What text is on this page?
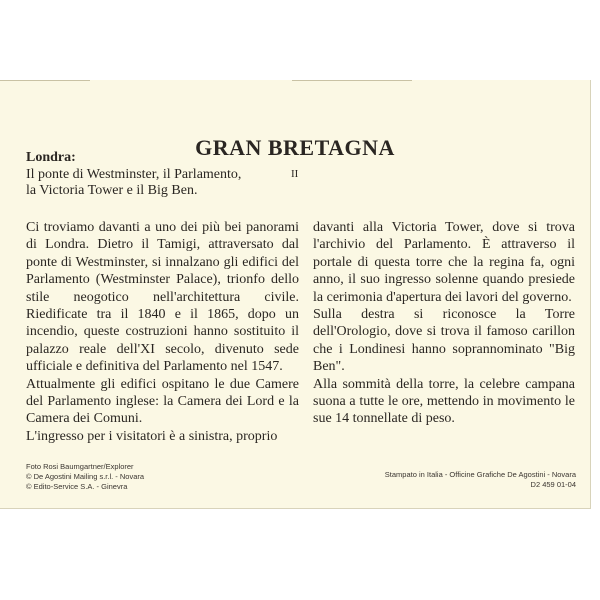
GRAN BRETAGNA
Londra:
Il ponte di Westminster, il Parlamento,
la Victoria Tower e il Big Ben.
II

Ci troviamo davanti a uno dei più bei panorami di Londra. Dietro il Tamigi, attraversato dal ponte di Westminster, si innalzano gli edifici del Parlamento (Westminster Palace), trionfo dello stile neogotico nell'architettura civile. Riedificate tra il 1840 e il 1865, dopo un incendio, queste costruzioni hanno sostituito il palazzo reale dell'XI secolo, divenuto sede ufficiale e definitiva del Parlamento nel 1547.

Attualmente gli edifici ospitano le due Camere del Parlamento inglese: la Camera dei Lord e la Camera dei Comuni.

L'ingresso per i visitatori è a sinistra, proprio

davanti alla Victoria Tower, dove si trova l'archivio del Parlamento. È attraverso il portale di questa torre che la regina fa, ogni anno, il suo ingresso solenne quando presiede la cerimonia d'apertura dei lavori del governo.

Sulla destra si riconosce la Torre dell'Orologio, dove si trova il famoso carillon che i Londinesi hanno soprannominato "Big Ben".

Alla sommità della torre, la celebre campana suona a tutte le ore, mettendo in movimento le sue 14 tonnellate di peso.

Foto Rosi Baumgartner/Explorer
© De Agostini Mailing s.r.l. - Novara
© Edito-Service S.A. - Ginevra
Stampato in Italia - Officine Grafiche De Agostini - Novara
D2 459 01-04
